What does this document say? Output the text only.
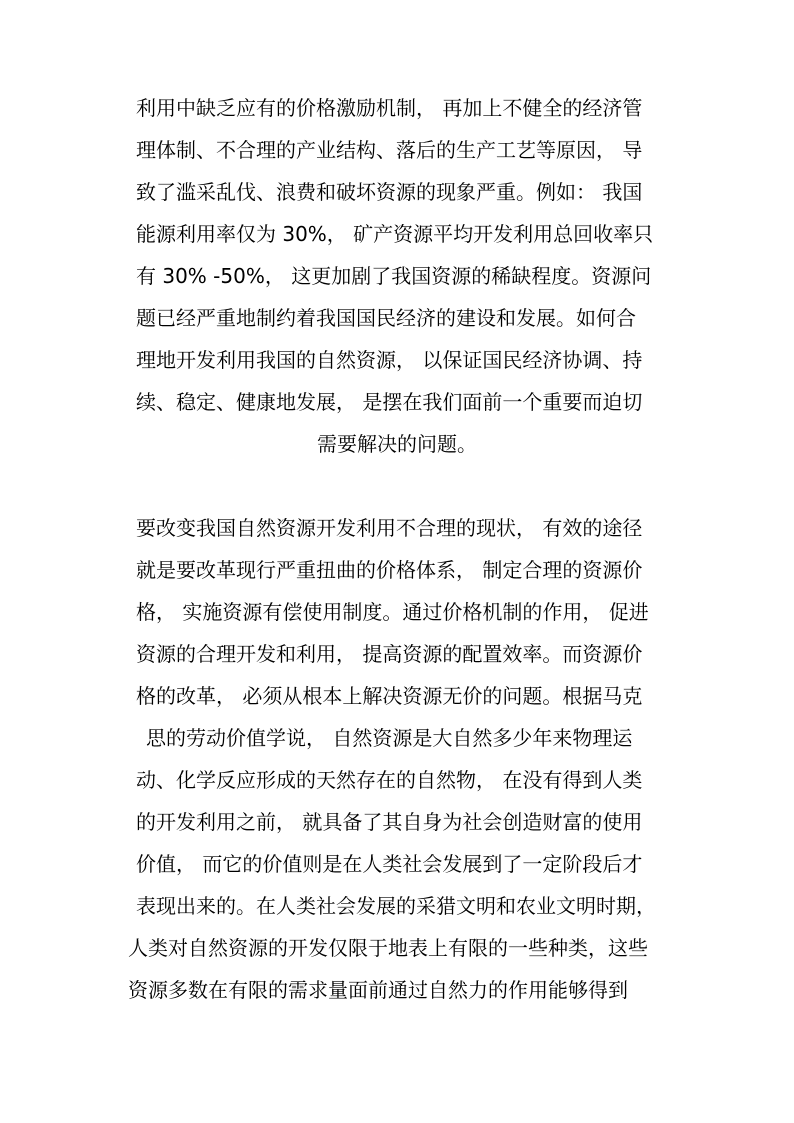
利用中缺乏应有的价格激励机制， 再加上不健全的经济管
理体制、不合理的产业结构、落后的生产工艺等原因， 导
致了滥采乱伐、浪费和破坏资源的现象严重。例如： 我国
能源利用率仅为 30%， 矿产资源平均开发利用总回收率只
有 30% -50%， 这更加剧了我国资源的稀缺程度。资源问
题已经严重地制约着我国国民经济的建设和发展。如何合
理地开发利用我国的自然资源， 以保证国民经济协调、持
续、稳定、健康地发展， 是摆在我们面前一个重要而迫切
需要解决的问题。
要改变我国自然资源开发利用不合理的现状， 有效的途径
就是要改革现行严重扭曲的价格体系， 制定合理的资源价
格， 实施资源有偿使用制度。通过价格机制的作用， 促进
资源的合理开发和利用， 提高资源的配置效率。而资源价
格的改革， 必须从根本上解决资源无价的问题。根据马克
思的劳动价值学说， 自然资源是大自然多少年来物理运
动、化学反应形成的天然存在的自然物， 在没有得到人类
的开发利用之前， 就具备了其自身为社会创造财富的使用
价值， 而它的价值则是在人类社会发展到了一定阶段后才
表现出来的。在人类社会发展的采猎文明和农业文明时期，
人类对自然资源的开发仅限于地表上有限的一些种类，这些
资源多数在有限的需求量面前通过自然力的作用能够得到
